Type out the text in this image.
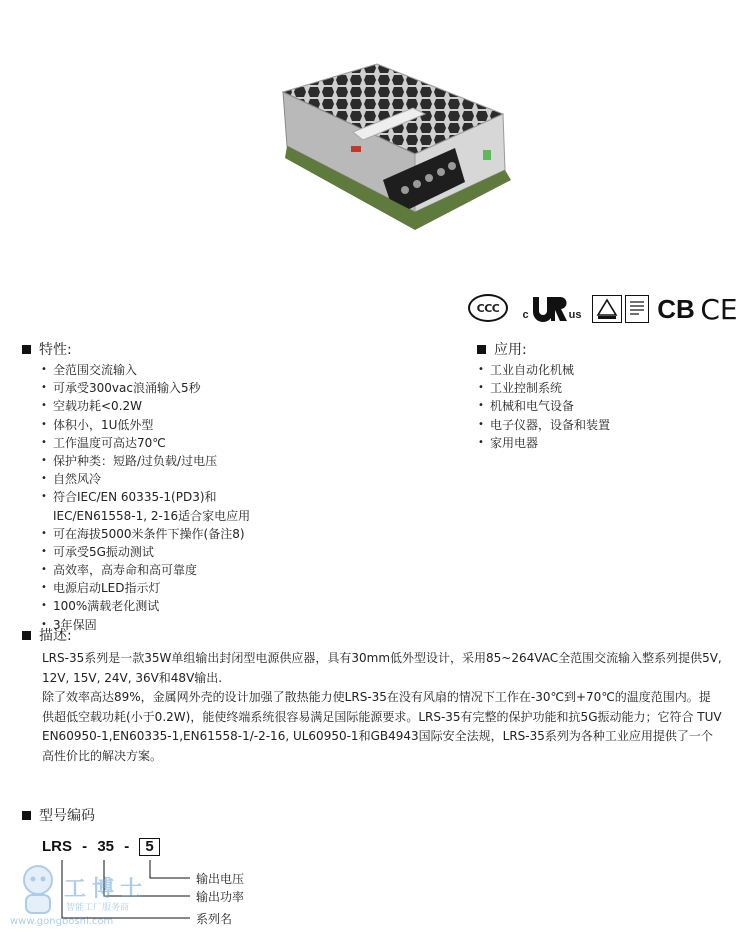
CCC
c	us	CB CE
特性:
• 全范围交流输入
• 可承受300vac浪涌输入5秒
• 空载功耗<0.2W
• 体积小，1U低外型
• 工作温度可高达70℃
• 保护种类：短路/过负载/过电压
• 自然风冷
• 符合IEC/EN 60335-1(PD3)和
IEC/EN61558-1, 2-16适合家电应用
• 可在海拔5000米条件下操作(备注8)
• 可承受5G振动测试
• 高效率，高寿命和高可靠度
• 电源启动LED指示灯
• 100%满载老化测试
• 3年保固
应用:
• 工业自动化机械
• 工业控制系统
• 机械和电气设备
• 电子仪器，设备和装置
• 家用电器
描述:

LRS-35系列是一款35W单组输出封闭型电源供应器，具有30mm低外型设计，采用85~264VAC全范围交流输入整系列提供5V, 12V, 15V, 24V, 36V和48V输出.

除了效率高达89%，金属网外壳的设计加强了散热能力使LRS-35在没有风扇的情况下工作在-30℃到+70℃的温度范围内。提供超低空载功耗(小于0.2W)，能使终端系统很容易满足国际能源要求。LRS-35有完整的保护功能和抗5G振动能力；它符合 TUV EN60950-1,EN60335-1,EN61558-1/-2-16, UL60950-1和GB4943国际安全法规，LRS-35系列为各种工业应用提供了一个高性价比的解决方案。

型号编码
LRS - 35 - 5
输出电压
输出功率
系列名
工博士
智能工厂服务商
www.gongboshi.com
